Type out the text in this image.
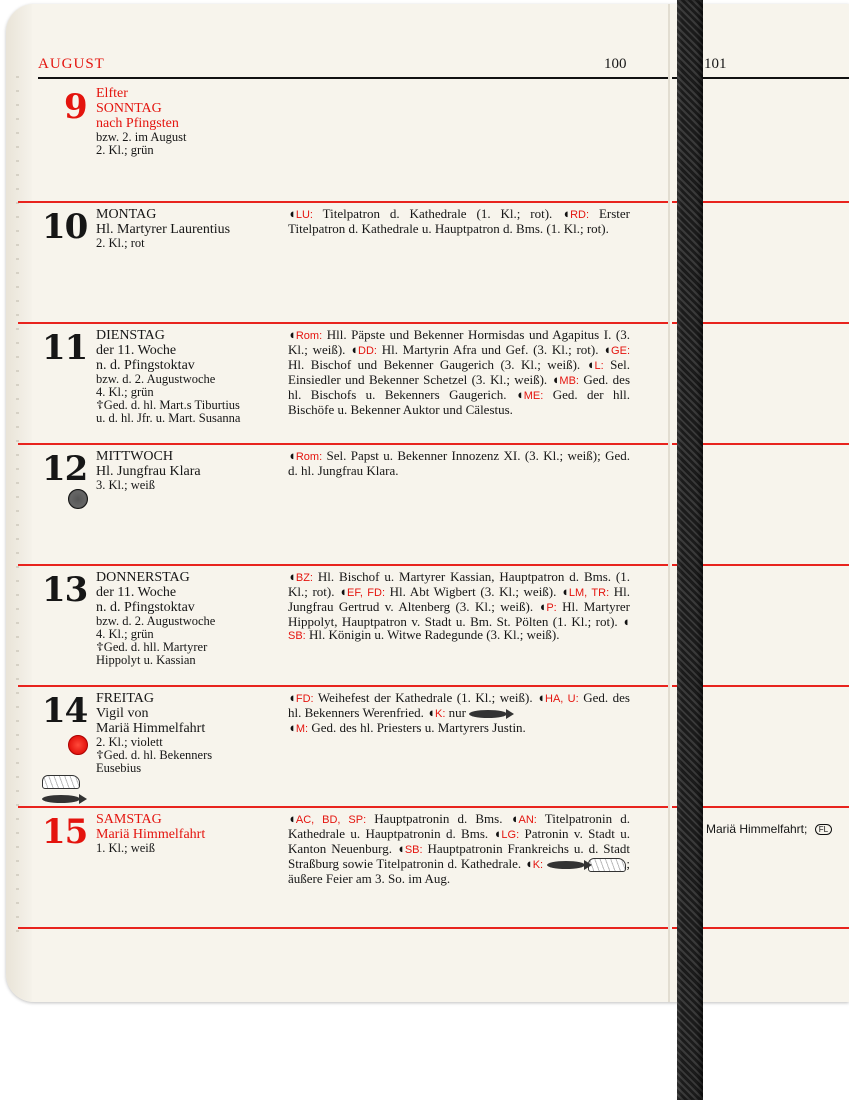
AUGUST	100	101
9 Elfter
SONNTAG
nach Pfingsten
bzw. 2. im August
2. Kl.; grün
10 MONTAG
Hl. Martyrer Laurentius
2. Kl.; rot
◖LU: Titelpatron d. Kathedrale (1. Kl.; rot). ◖RD: Erster Titelpatron d. Kathedrale u. Hauptpatron d. Bms. (1. Kl.; rot).
11 DIENSTAG
der 11. Woche
n. d. Pfingstoktav
bzw. d. 2. Augustwoche
4. Kl.; grün
☦Ged. d. hl. Mart.s Tiburtius
u. d. hl. Jfr. u. Mart. Susanna
◖Rom: Hll. Päpste und Bekenner Hormisdas und Agapitus I. (3. Kl.; weiß). ◖DD: Hl. Martyrin Afra und Gef. (3. Kl.; rot). ◖GE: Hl. Bischof und Bekenner Gaugerich (3. Kl.; weiß). ◖L: Sel. Einsiedler und Bekenner Schetzel (3. Kl.; weiß). ◖MB: Ged. des hl. Bischofs u. Bekenners Gaugerich. ◖ME: Ged. der hll. Bischöfe u. Bekenner Auktor und Cälestus.
12 MITTWOCH
Hl. Jungfrau Klara
3. Kl.; weiß
◖Rom: Sel. Papst u. Bekenner Innozenz XI. (3. Kl.; weiß); Ged. d. hl. Jungfrau Klara.
13 DONNERSTAG
der 11. Woche
n. d. Pfingstoktav
bzw. d. 2. Augustwoche
4. Kl.; grün
☦Ged. d. hll. Martyrer
Hippolyt u. Kassian
◖BZ: Hl. Bischof u. Martyrer Kassian, Hauptpatron d. Bms. (1. Kl.; rot). ◖EF, FD: Hl. Abt Wigbert (3. Kl.; weiß). ◖LM, TR: Hl. Jungfrau Gertrud v. Altenberg (3. Kl.; weiß). ◖P: Hl. Martyrer Hippolyt, Hauptpatron v. Stadt u. Bm. St. Pölten (1. Kl.; rot). ◖SB: Hl. Königin u. Witwe Radegunde (3. Kl.; weiß).
14 FREITAG
Vigil von
Mariä Himmelfahrt
2. Kl.; violett
☦Ged. d. hl. Bekenners
Eusebius
◖FD: Weihefest der Kathedrale (1. Kl.; weiß). ◖HA, U: Ged. des hl. Bekenners Werenfried. ◖K: nur
◖M: Ged. des hl. Priesters u. Martyrers Justin.
15 SAMSTAG
Mariä Himmelfahrt
1. Kl.; weiß
◖AC, BD, SP: Hauptpatronin d. Bms. ◖AN: Titelpatronin d. Kathedrale u. Hauptpatronin d. Bms. ◖LG: Patronin v. Stadt u. Kanton Neuenburg. ◖SB: Hauptpatronin Frankreichs u. d. Stadt Straßburg sowie Titelpatronin d. Kathedrale. ◖K:	; äußere Feier am 3. So. im Aug.
Mariä Himmelfahrt; FL
